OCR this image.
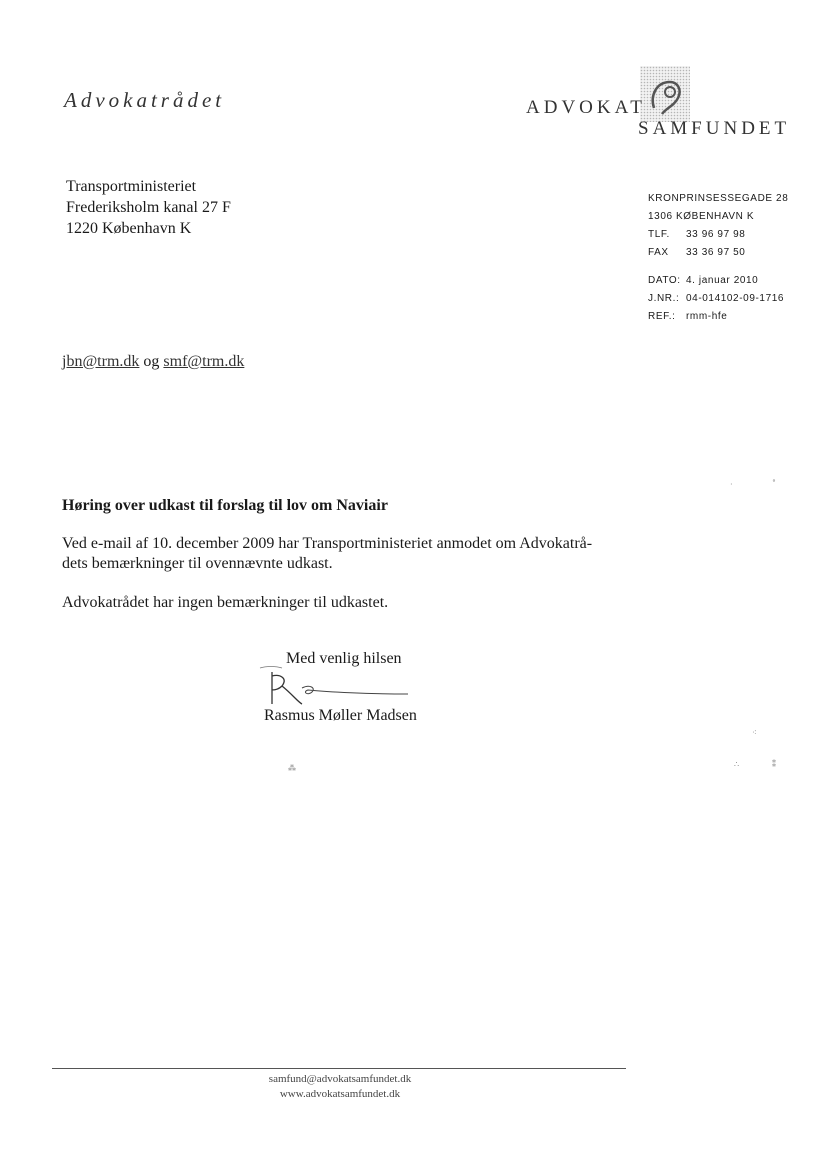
Advokatrådet	ADVOKAT
SAMFUNDET
Transportministeriet
Frederiksholm kanal 27 F
1220 København K
KRONPRINSESSEGADE 28
1306 KØBENHAVN K
TLF. 33 96 97 98
FAX 33 36 97 50
DATO: 4. januar 2010
J.NR.: 04-014102-09-1716
REF.: rmm-hfe
jbn@trm.dk og smf@trm.dk
Høring over udkast til forslag til lov om Naviair

Ved e-mail af 10. december 2009 har Transportministeriet anmodet om Advokatrå-
dets bemærkninger til ovennævnte udkast.

Advokatrådet har ingen bemærkninger til udkastet.

Med venlig hilsen
Rasmus Møller Madsen
∘
·
⁖
⁂	∴	⁑
samfund@advokatsamfundet.dk
www.advokatsamfundet.dk
